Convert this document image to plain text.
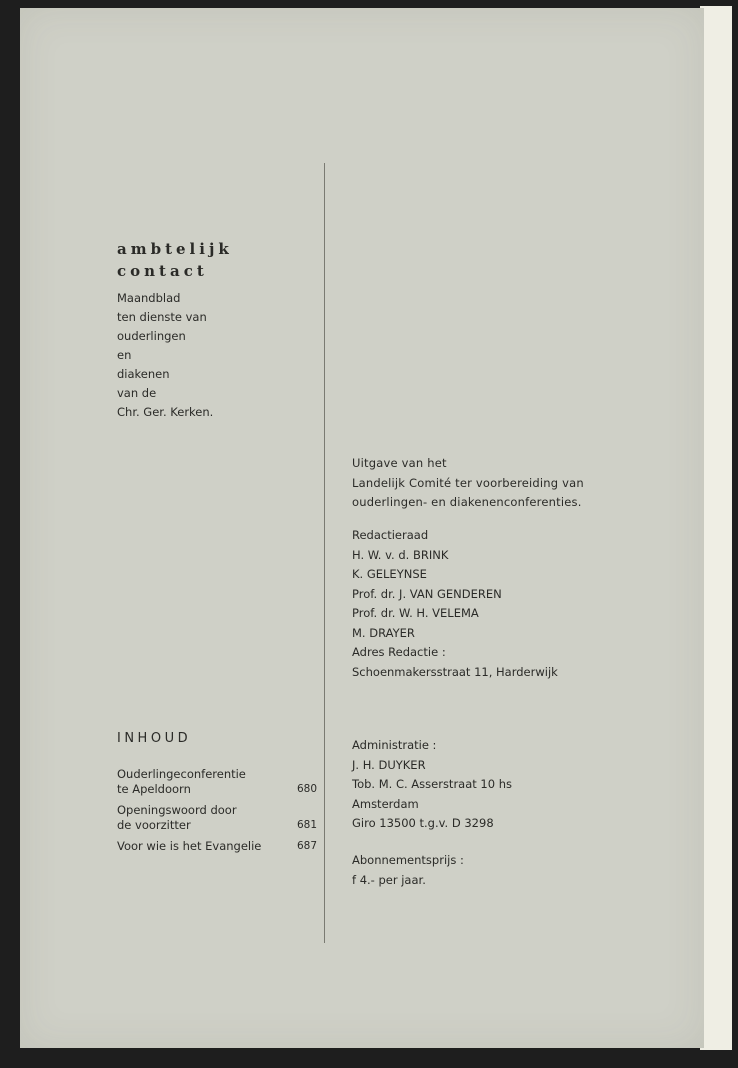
ambtelijk
contact
Maandblad
ten dienste van
ouderlingen
en
diakenen
van de
Chr. Ger. Kerken.
INHOUD
Ouderlingeconferentie
te Apeldoorn	680
Openingswoord door
de voorzitter	681
Voor wie is het Evangelie	687
Uitgave van het
Landelijk Comité ter voorbereiding van
ouderlingen- en diakenenconferenties.
Redactieraad
H. W. v. d. BRINK
K. GELEYNSE
Prof. dr. J. VAN GENDEREN
Prof. dr. W. H. VELEMA
M. DRAYER
Adres Redactie :
Schoenmakersstraat 11, Harderwijk
Administratie :
J. H. DUYKER
Tob. M. C. Asserstraat 10 hs
Amsterdam
Giro 13500 t.g.v. D 3298
Abonnementsprijs :
f 4.- per jaar.
